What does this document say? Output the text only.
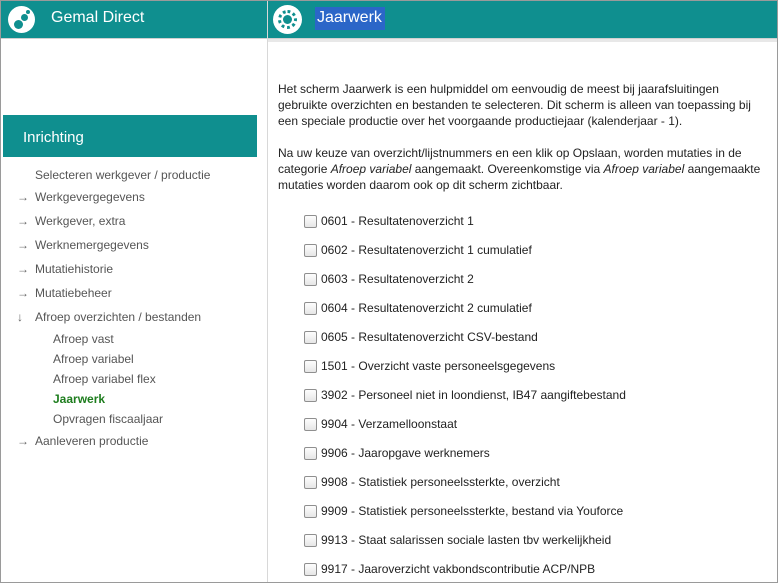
Gemal Direct	Jaarwerk
Inrichting
Selecteren werkgever / productie
→ Werkgevergegevens
→ Werkgever, extra
→ Werknemergegevens
→ Mutatiehistorie
→ Mutatiebeheer
↓ Afroep overzichten / bestanden
Afroep vast
Afroep variabel
Afroep variabel flex
Jaarwerk
Opvragen fiscaaljaar
→ Aanleveren productie

Het scherm Jaarwerk is een hulpmiddel om eenvoudig de meest bij jaarafsluitingen gebruikte overzichten en bestanden te selecteren. Dit scherm is alleen van toepassing bij een speciale productie over het voorgaande productiejaar (kalenderjaar - 1).

Na uw keuze van overzicht/lijstnummers en een klik op Opslaan, worden mutaties in de categorie Afroep variabel aangemaakt. Overeenkomstige via Afroep variabel aangemaakte mutaties worden daarom ook op dit scherm zichtbaar.

0601 - Resultatenoverzicht 1
0602 - Resultatenoverzicht 1 cumulatief
0603 - Resultatenoverzicht 2
0604 - Resultatenoverzicht 2 cumulatief
0605 - Resultatenoverzicht CSV-bestand
1501 - Overzicht vaste personeelsgegevens
3902 - Personeel niet in loondienst, IB47 aangiftebestand
9904 - Verzamelloonstaat
9906 - Jaaropgave werknemers
9908 - Statistiek personeelssterkte, overzicht
9909 - Statistiek personeelssterkte, bestand via Youforce
9913 - Staat salarissen sociale lasten tbv werkelijkheid
9917 - Jaaroverzicht vakbondscontributie ACP/NPB
